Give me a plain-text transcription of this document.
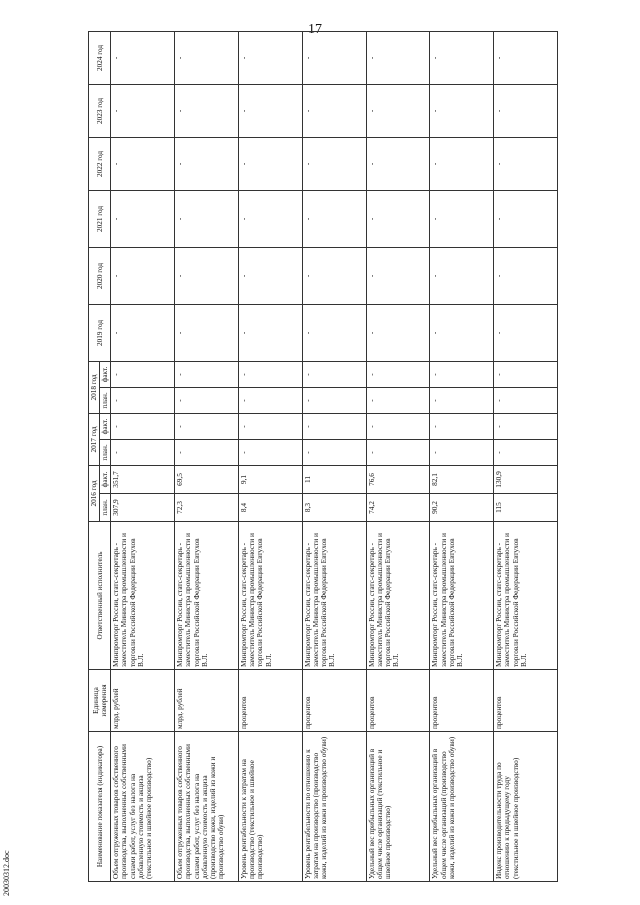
17
Наименование показателя (индикатора)	Единица измерения	Ответственный исполнитель	2016 год		2017 год		2018 год		2019 год	2020 год	2021 год	2022 год	2023 год	2024 год
			план.	факт.	план.	факт.	план.	факт.						
Объем отгруженных товаров собственного производства, выполненных собственными силами работ, услуг без налога на добавленную стоимость и акциза (текстильное и швейное производство)	млрд. рублей	Минпромторг России, статс-секретарь - заместитель Министра промышленности и торговли Российской Федерации Евтухов В.Л.	307,9	351,7	-	-	-	-	-	-	-	-	-	-
Объем отгруженных товаров собственного производства, выполненных собственными силами работ, услуг без налога на добавленную стоимость и акциза (производство кожи, изделий из кожи и производство обуви)	млрд. рублей	Минпромторг России, статс-секретарь - заместитель Министра промышленности и торговли Российской Федерации Евтухов В.Л.	72,3	69,5	-	-	-	-	-	-	-	-	-	-
Уровень рентабельности к затратам на производство (текстильное и швейное производство)	процентов	Минпромторг России, статс-секретарь - заместитель Министра промышленности и торговли Российской Федерации Евтухов В.Л.	8,4	9,1	-	-	-	-	-	-	-	-	-	-
Уровень рентабельности по отношению к затратам на производство (производство кожи, изделий из кожи и производство обуви)	процентов	Минпромторг России, статс-секретарь - заместитель Министра промышленности и торговли Российской Федерации Евтухов В.Л.	8,3	11	-	-	-	-	-	-	-	-	-	-
Удельный вес прибыльных организаций в общем числе организаций (текстильное и швейное производство)	процентов	Минпромторг России, статс-секретарь - заместитель Министра промышленности и торговли Российской Федерации Евтухов В.Л.	74,2	76,6	-	-	-	-	-	-	-	-	-	-
Удельный вес прибыльных организаций в общем числе организаций (производство кожи, изделий из кожи и производство обуви)	процентов	Минпромторг России, статс-секретарь - заместитель Министра промышленности и торговли Российской Федерации Евтухов В.Л.	90,2	82,1	-	-	-	-	-	-	-	-	-	-
Индекс производительности труда по отношению к предыдущему году (текстильное и швейное производство)	процентов	Минпромторг России, статс-секретарь - заместитель Министра промышленности и торговли Российской Федерации Евтухов В.Л.	115	130,9	-	-	-	-	-	-	-	-	-	-
20030312.doc
